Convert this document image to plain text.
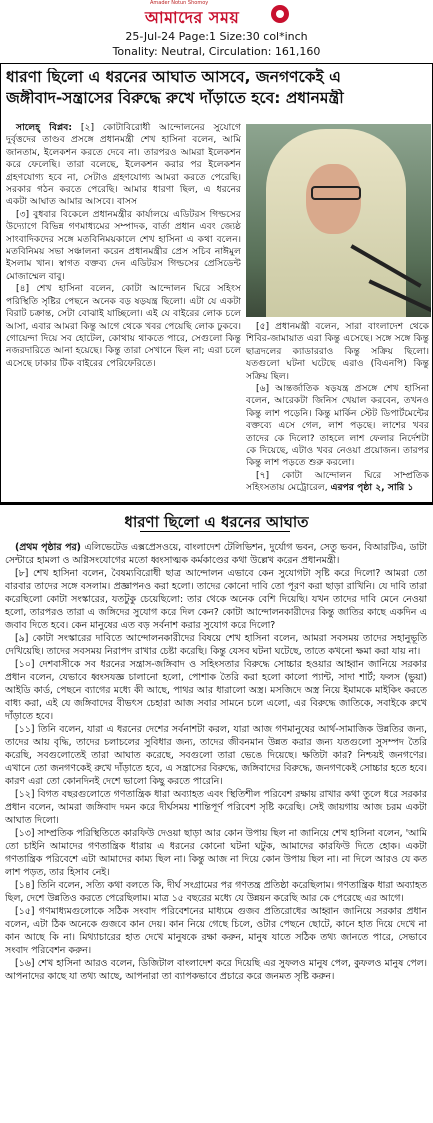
Amader Notun Shomoy
আমাদের সময়
25-Jul-24 Page:1 Size:30 col*inch
Tonality: Neutral, Circulation: 161,160
ধারণা ছিলো এ ধরনের আঘাত আসবে, জনগণকেই এ
জঙ্গীবাদ-সন্ত্রাসের বিরুদ্ধে রুখে দাঁড়াতে হবে: প্রধানমন্ত্রী

সালেহ্ বিপ্লব: [২] কোটাবিরোধী আন্দোলনের সুযোগে দুর্বৃত্তদের তাণ্ডব প্রসঙ্গে প্রধানমন্ত্রী শেখ হাসিনা বলেন, আমি জানতাম, ইলেকশন করতে দেবে না। তারপরও আমরা ইলেকশন করে ফেলেছি। তারা বলেছে, ইলেকশন করার পর ইলেকশন গ্রহণযোগ্য হবে না, সেটাও গ্রহণযোগ্য আমরা করতে পেরেছি। সরকার গঠন করতে পেরেছি। আমার ধারণা ছিল, এ ধরনের একটা আঘাত আমার আসবে। বাসস

[৩] বুধবার বিকেলে প্রধানমন্ত্রীর কার্যালয়ে এডিটরস গিল্ডসের উদ্যোগে বিভিন্ন গণমাধ্যমের সম্পাদক, বার্তা প্রধান এবং জ্যেষ্ঠ সাংবাদিকদের সঙ্গে মতবিনিময়কালে শেখ হাসিনা এ কথা বলেন। মতবিনিময় সভা সঞ্চালনা করেন প্রধানমন্ত্রীর প্রেস সচিব নাঈমুল ইসলাম খান। স্বাগত বক্তব্য দেন এডিটরস গিল্ডসের প্রেসিডেন্ট মোজাম্মেল বাবু।

[৪] শেখ হাসিনা বলেন, কোটা আন্দোলন ঘিরে সহিংস পরিস্থিতি সৃষ্টির পেছনে অনেক বড় ষড়যন্ত্র ছিলো। এটা যে একটা বিরাট চক্রান্ত, সেটা বোঝাই যাচ্ছিলো। এই যে বাইরের লোক চলে আসা, এবার আমরা কিন্তু আগে থেকে খবর পেয়েছি লোক ঢুকবে। গোয়েন্দা দিয়ে সব হোটেল, কোথায় থাকতে পারে, সেগুলো কিন্তু নজরদারিতে আনা হয়েছে। কিন্তু তারা সেখানে ছিল না; এরা চলে এসেছে ঢাকার টিক বাইরের পেরিফেরিতে।

[৫] প্রধানমন্ত্রী বলেন, সারা বাংলাদেশ থেকে শিবির-জামায়াত এরা কিন্তু এসেছে। সঙ্গে সঙ্গে কিন্তু ছাত্রদলের ক্যাডাররাও কিন্তু সক্রিয় ছিলো। যতগুলো ঘটনা ঘটেছে এরাও (বিএনপি) কিন্তু সক্রিয় ছিল।

[৬] আন্তর্জাতিক ষড়যন্ত্র প্রসঙ্গে শেখ হাসিনা বলেন, আরেকটা জিনিস খেয়াল করবেন, তখনও কিন্তু লাশ পড়েনি। কিন্তু মার্কিন স্টেট ডিপার্টমেন্টের বক্তব্যে এসে গেল, লাশ পড়ছে। লাশের খবর তাদের কে দিলো? তাহলে লাশ ফেলার নির্দেশটা কে দিয়েছে, এটাও খবর নেওয়া প্রয়োজন। তারপর কিন্তু লাশ পড়তে শুরু করলো।

[৭] কোটা আন্দোলন ঘিরে সাম্প্রতিক সহিংসতায় মেট্রোরেল, এরপর পৃষ্ঠা ২, সারি ১

ধারণা ছিলো এ ধরনের আঘাত

(প্রথম পৃষ্ঠার পর) এলিভেটেড এক্সপ্রেসওয়ে, বাংলাদেশ টেলিভিশন, দুর্যোগ ভবন, সেতু ভবন, বিআরটিএ, ডাটা সেন্টারে হামলা ও অগ্নিসংযোগের মতো ধ্বংসাত্মক কর্মকাণ্ডের কথা উল্লেখ করেন প্রধানমন্ত্রী।

[৮] শেখ হাসিনা বলেন, বৈষম্যবিরোধী ছাত্র আন্দোলন এভাবে কেন সুযোগটা সৃষ্টি করে দিলো? আমরা তো বারবার তাদের সঙ্গে বসলাম। প্রজ্ঞাপনও করা হলো। তাদের কোনো দাবি তো পূরণ করা ছাড়া রাখিনি। যে দাবি তারা করেছিলো কোটা সংস্কারের, যতটুকু চেয়েছিলো: তার থেকে অনেক বেশি দিয়েছি। যখন তাদের দাবি মেনে নেওয়া হলো, তারপরও তারা এ জঙ্গিদের সুযোগ করে দিল কেন? কোটা আন্দোলনকারীদের কিন্তু জাতির কাছে একদিন এ জবাব দিতে হবে। কেন মানুষের এত বড় সর্বনাশ করার সুযোগ করে দিলো?

[৯] কোটা সংস্কারের দাবিতে আন্দোলনকারীদের বিষয়ে শেখ হাসিনা বলেন, আমরা সবসময় তাদের সহানুভূতি দেখিয়েছি। তাদের সবসময় নিরাপদ রাখার চেষ্টা করেছি। কিন্তু যেসব ঘটনা ঘটেছে, তাতে কখনো ক্ষমা করা যায় না।

[১০] দেশবাসীকে সব ধরনের সন্ত্রাস-জঙ্গিবাদ ও সহিংসতার বিরুদ্ধে সোচ্চার হওয়ার আহ্বান জানিয়ে সরকার প্রধান বলেন, যেভাবে ধ্বংসযজ্ঞ চালানো হলো, পোশাক তৈরি করা হলো কালো প্যান্ট, সাদা শার্ট; ফলস (ভুয়া) আইডি কার্ড, পেছনে ব্যাগের মধ্যে কী আছে, পাথর আর ধারালো অস্ত্র। মসজিদে অস্ত্র নিয়ে ইমামকে মাইকিং করতে বাধ্য করা, এই যে জঙ্গিবাদের বীভৎস চেহারা আজ সবার সামনে চলে এলো, এর বিরুদ্ধে জাতিকে, সবাইকে রুখে দাঁড়াতে হবে।

[১১] তিনি বলেন, যারা এ ধরনের দেশের সর্বনাশটা করল, যারা আজ গণমানুষের আর্থ-সামাজিক উন্নতির জন্য, তাদের আয় বৃদ্ধি, তাদের চলাচলের সুবিধার জন্য, তাদের জীবনমান উন্নত করার জন্য যতগুলো সুসম্পদ তৈরি করেছি, সবগুলোতেই তারা আঘাত করেছে, সবগুলো তারা ভেঙে দিয়েছে। ক্ষতিটা কার? নিশ্চয়ই জনগণের। এখানে তো জনগণকেই রুখে দাঁড়াতে হবে, এ সন্ত্রাসের বিরুদ্ধে, জঙ্গিবাদের বিরুদ্ধে, জনগণকেই সোচ্চার হতে হবে। কারণ এরা তো কোনদিনই দেশে ভালো কিছু করতে পারেনি।

[১২] বিগত বছরগুলোতে গণতান্ত্রিক ধারা অব্যাহত এবং স্থিতিশীল পরিবেশ রক্ষায় রাখার কথা তুলে ধরে সরকার প্রধান বলেন, আমরা জঙ্গিবাদ দমন করে দীর্ঘসময় শান্তিপূর্ণ পরিবেশ সৃষ্টি করেছি। সেই জায়গায় আজ চরম একটা আঘাত দিলো।

[১৩] সাম্প্রতিক পরিস্থিতিতে কারফিউ দেওয়া ছাড়া আর কোন উপায় ছিল না জানিয়ে শেখ হাসিনা বলেন, 'আমি তো চাইনি আমাদের গণতান্ত্রিক ধারায় এ ধরনের কোনো ঘটনা ঘটুক, আমাদের কারফিউ দিতে হোক। একটা গণতান্ত্রিক পরিবেশে এটা আমাদের কাম্য ছিল না। কিন্তু আজ না দিয়ে কোন উপায় ছিল না। না দিলে আরও যে কত লাশ পড়ত, তার হিসাব নেই।

[১৪] তিনি বলেন, সত্যি কথা বলতে কি, দীর্ঘ সংগ্রামের পর গণতন্ত্র প্রতিষ্ঠা করেছিলাম। গণতান্ত্রিক ধারা অব্যাহত ছিল, দেশে উন্নতিও করতে পেরেছিলাম। মাত্র ১৫ বছরের মধ্যে যে উন্নয়ন করেছি আর কে পেরেছে এর আগে।

[১৫] গণমাধ্যমগুলোকে সঠিক সংবাদ পরিবেশনের মাধ্যমে গুজব প্রতিরোধের আহ্বান জানিয়ে সরকার প্রধান বলেন, এটা ঠিক অনেকে গুজবে কান দেয়। কান নিয়ে গেছে চিলে, ওটার পেছনে ছোটে, কানে হাত দিয়ে দেখে না কান আছে কি না। মিথ্যাচারের হাত দেখে মানুষকে রক্ষা করুন, মানুষ যাতে সঠিক তথ্য জানতে পারে, সেভাবে সংবাদ পরিবেশন করুন।

[১৬] শেখ হাসিনা আরও বলেন, ডিজিটাল বাংলাদেশ করে দিয়েছি এর সুফলও মানুষ পেল, কুফলও মানুষ পেল। আপনাদের কাছে যা তথ্য আছে, আপনারা তা ব্যাপকভাবে প্রচারে করে জনমত সৃষ্টি করুন।
